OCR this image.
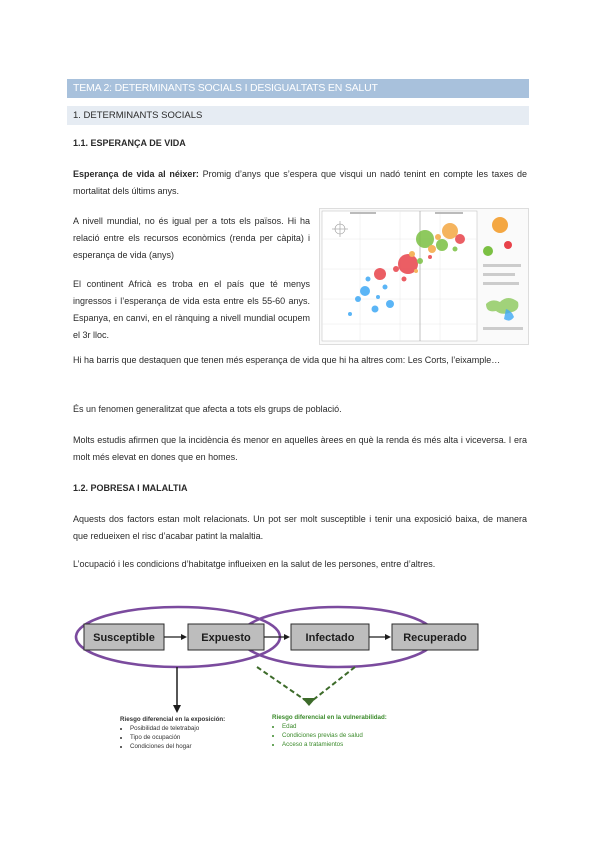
TEMA 2: DETERMINANTS SOCIALS I DESIGUALTATS EN SALUT
1. DETERMINANTS SOCIALS
1.1. ESPERANÇA DE VIDA

Esperança de vida al néixer: Promig d’anys que s’espera que visqui un nadó tenint en compte les taxes de mortalitat dels últims anys.

A nivell mundial, no és igual per a tots els països. Hi ha relació entre els recursos econòmics (renda per càpita) i esperança de vida (anys)

El continent Africà es troba en el país que té menys ingressos i l’esperança de vida esta entre els 55-60 anys. Espanya, en canvi, en el rànquing a nivell mundial ocupem el 3r lloc.

Hi ha barris que destaquen que tenen més esperança de vida que hi ha altres com: Les Corts, l’eixample…

És un fenomen generalitzat que afecta a tots els grups de població.

Molts estudis afirmen que la incidència és menor en aquelles àrees en què la renda és més alta i viceversa. I era molt més elevat en dones que en homes.

1.2. POBRESA I MALALTIA

Aquests dos factors estan molt relacionats. Un pot ser molt susceptible i tenir una exposició baixa, de manera que redueixen el risc d’acabar patint la malaltia.

L’ocupació i les condicions d’habitatge influeixen en la salut de les persones, entre d’altres.

Susceptible	Expuesto	Infectado	Recuperado
Riesgo diferencial en la exposición:
• Posibilidad de teletrabajo
• Tipo de ocupación
• Condiciones del hogar
Riesgo diferencial en la vulnerabilidad:
• Edad
• Condiciones previas de salud
• Acceso a tratamientos
